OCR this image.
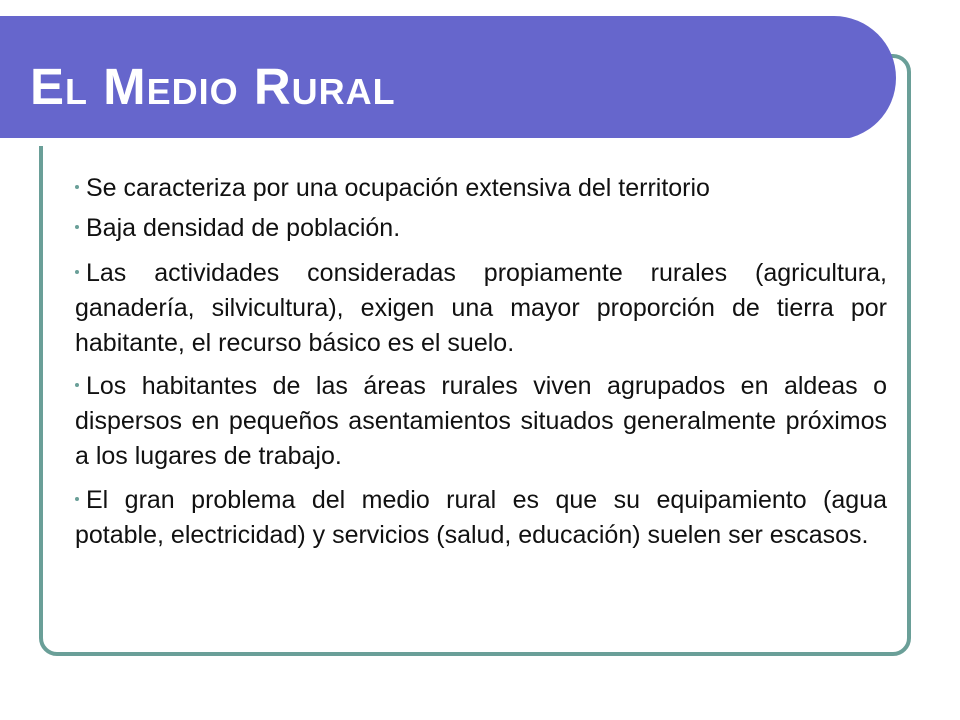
El Medio Rural
Se caracteriza por una ocupación extensiva del territorio
Baja densidad de población.
Las actividades consideradas propiamente rurales (agricultura, ganadería, silvicultura), exigen una mayor proporción de tierra por habitante, el recurso básico es el suelo.
Los habitantes de las áreas rurales viven agrupados en aldeas o dispersos en pequeños asentamientos situados generalmente próximos a los lugares de trabajo.
El gran problema del medio rural es que su equipamiento (agua potable, electricidad) y servicios (salud, educación) suelen ser escasos.
